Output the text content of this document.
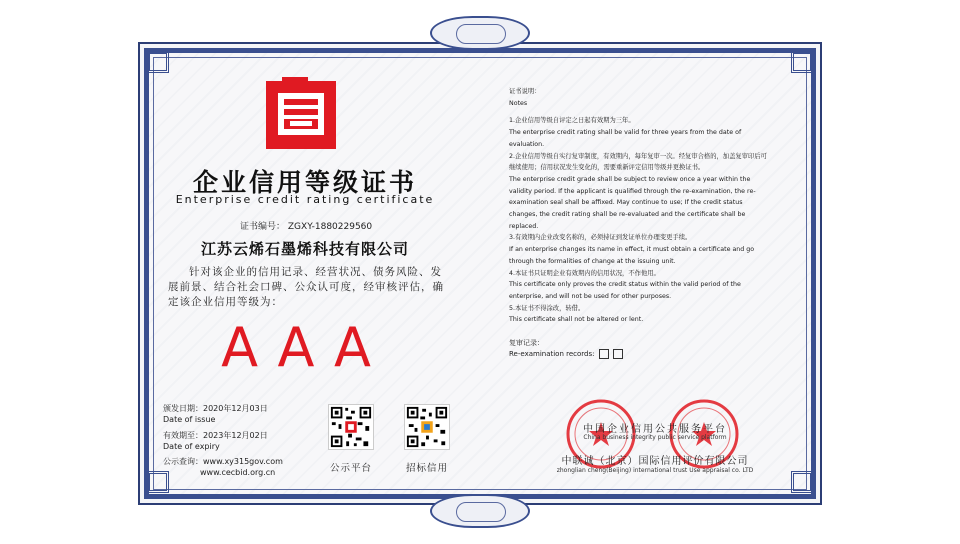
企业信用等级证书
Enterprise credit rating certificate
证书编号： ZGXY-1880229560
江苏云烯石墨烯科技有限公司
针对该企业的信用记录、经营状况、债务风险、发展前景、结合社会口碑、公众认可度，经审核评估，确定该企业信用等级为：
AAA
颁发日期：2020年12月03日
Date of issue
有效期至：2023年12月02日
Date of expiry
公示查询：www.xy315gov.com
www.cecbid.org.cn	公示平台	招标信用
证书说明：
Notes
1.企业信用等级自评定之日起有效期为三年。
The enterprise credit rating shall be valid for three years from the date of evaluation.
2.企业信用等级自实行复审制度，有效期内，每年复审一次。经复审合格的，加盖复审印后可继续使用；信用状况发生变化的，需要重新评定信用等级并更换证书。
The enterprise credit grade shall be subject to review once a year within the validity period. If the applicant is qualified through the re-examination, the re-examination seal shall be affixed. May continue to use; If the credit status changes, the credit rating shall be re-evaluated and the certificate shall be replaced.
3.有效期内企业改变名称的，必须持证到发证单位办理变更手续。
If an enterprise changes its name in effect, it must obtain a certificate and go through the formalities of change at the issuing unit.
4.本证书只证明企业有效期内的信用状况，不作他用。
This certificate only proves the credit status within the valid period of the enterprise, and will not be used for other purposes.
5.本证书不得涂改，转借。
This certificate shall not be altered or lent.
复审记录：
Re-examination records:
中国企业信用公共服务平台
China business integrity public service platform
中联诚（北京）国际信用评价有限公司
zhonglian cheng(Beijing) international trust Use appraisal co. LTD
